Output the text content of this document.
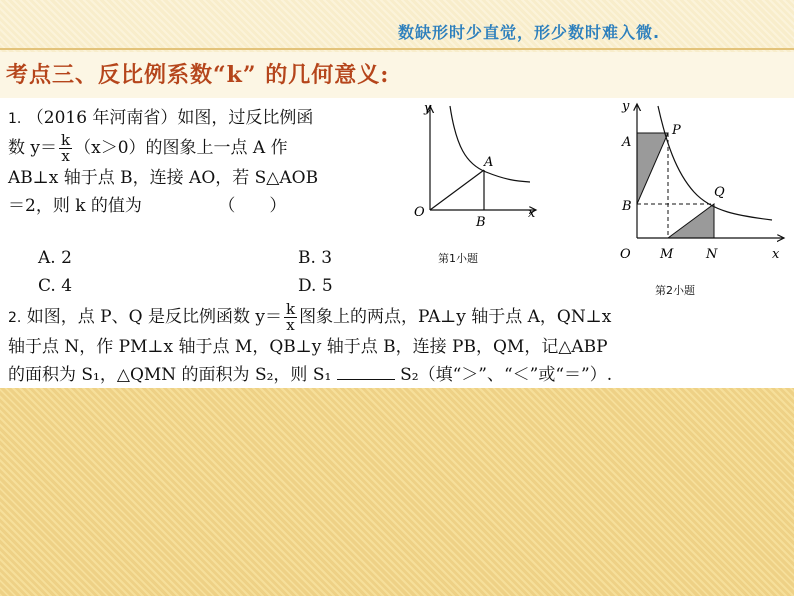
数缺形时少直觉，形少数时难入微.
考点三、反比例系数“k” 的几何意义:
1. （2016 年河南省）如图，过反比例函
数 $y= \frac{k}{x} (x>0)$的图象上一点 A 作
AB⊥x 轴于点 B，连接 AO，若 S△AOB
＝2，则 k 的值为　　　　　（　　）
A. 2	B. 3
C. 4	D. 5
y
x
O
A
B
第1小题
y
x
O
A
B
P
Q
M	N
第2小题
2. 如图，点 P、Q 是反比例函数 $y= \frac{k}{x}$ 图象上的两点，PA⊥y 轴于点 A，QN⊥x
轴于点 N，作 PM⊥x 轴于点 M，QB⊥y 轴于点 B，连接 PB，QM，记△ABP
的面积为 S₁，△QMN 的面积为 S₂，则 S₁	S₂（填“＞”、“＜”或“＝”）.
